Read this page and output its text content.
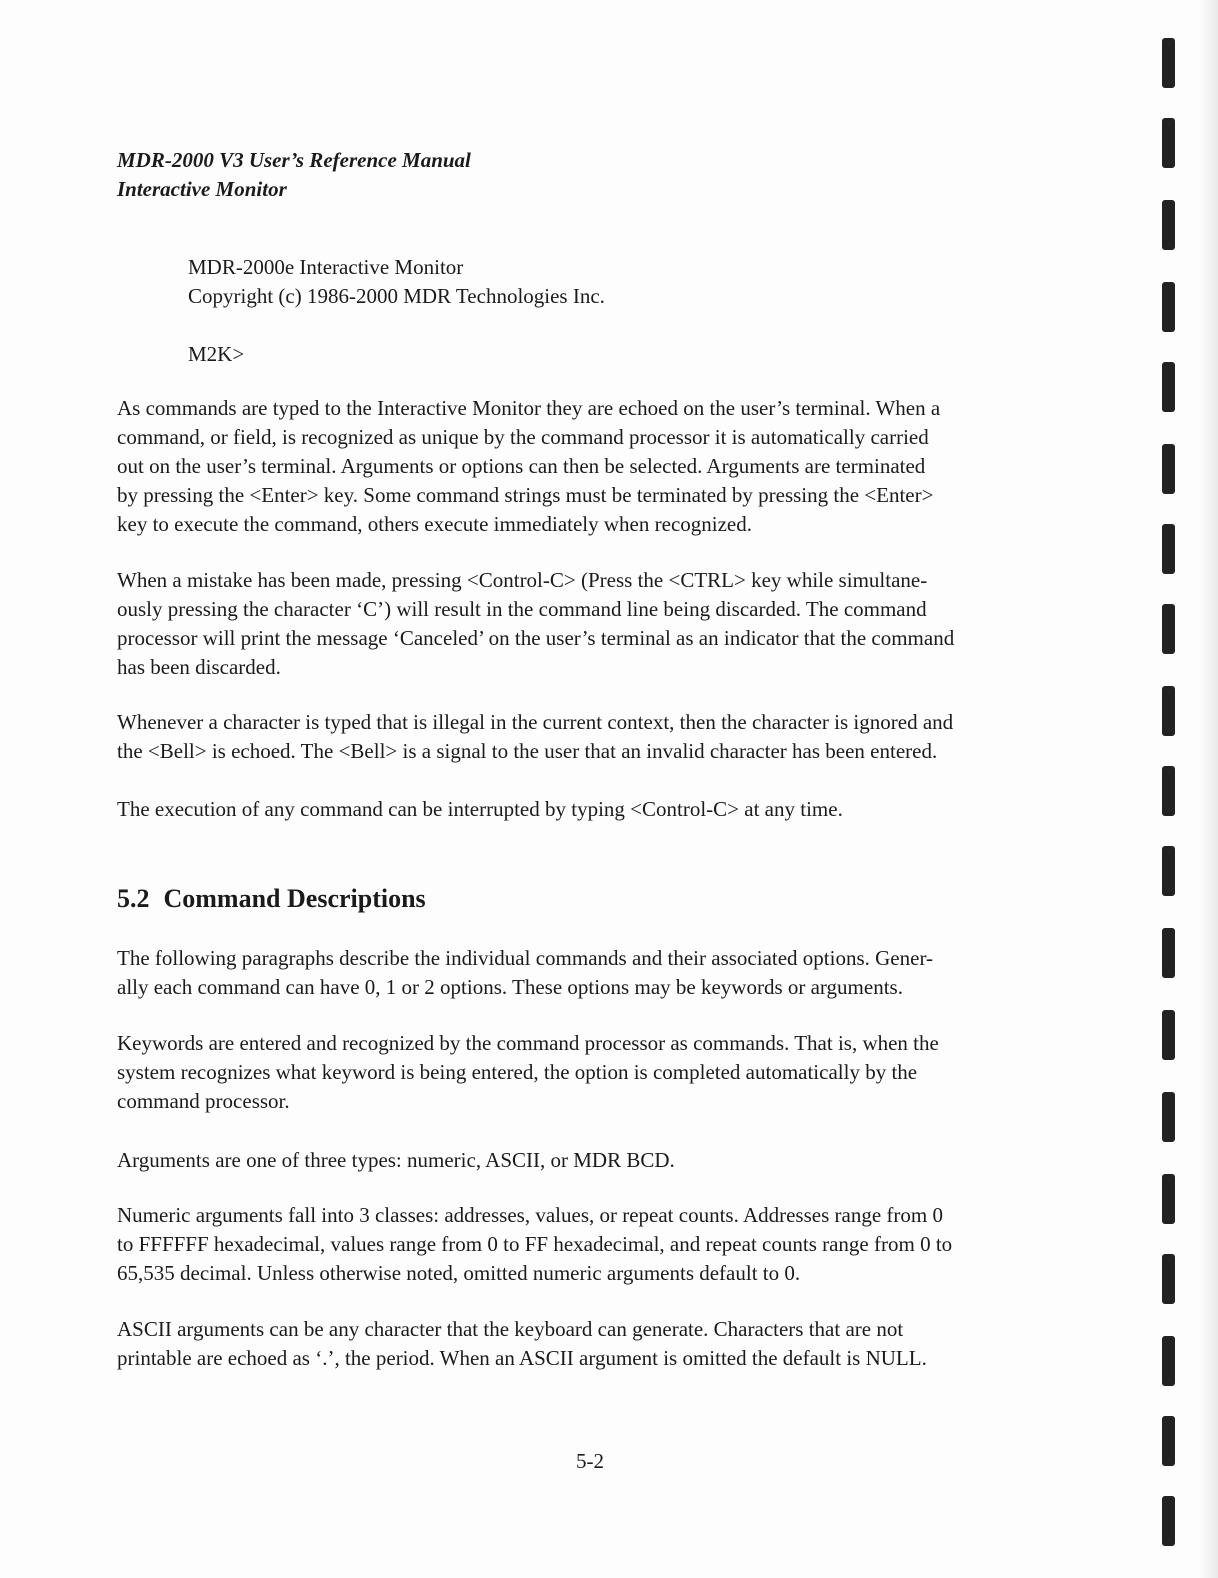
MDR-2000 V3 User’s Reference Manual
Interactive Monitor
MDR-2000e Interactive Monitor
Copyright (c) 1986-2000 MDR Technologies Inc.
M2K>
As commands are typed to the Interactive Monitor they are echoed on the user’s terminal. When a
command, or field, is recognized as unique by the command processor it is automatically carried
out on the user’s terminal. Arguments or options can then be selected. Arguments are terminated
by pressing the <Enter> key. Some command strings must be terminated by pressing the <Enter>
key to execute the command, others execute immediately when recognized.
When a mistake has been made, pressing <Control-C> (Press the <CTRL> key while simultane-
ously pressing the character ‘C’) will result in the command line being discarded. The command
processor will print the message ‘Canceled’ on the user’s terminal as an indicator that the command
has been discarded.
Whenever a character is typed that is illegal in the current context, then the character is ignored and
the <Bell> is echoed. The <Bell> is a signal to the user that an invalid character has been entered.
The execution of any command can be interrupted by typing <Control-C> at any time.
5.2 Command Descriptions
The following paragraphs describe the individual commands and their associated options. Gener-
ally each command can have 0, 1 or 2 options. These options may be keywords or arguments.
Keywords are entered and recognized by the command processor as commands. That is, when the
system recognizes what keyword is being entered, the option is completed automatically by the
command processor.
Arguments are one of three types: numeric, ASCII, or MDR BCD.
Numeric arguments fall into 3 classes: addresses, values, or repeat counts. Addresses range from 0
to FFFFFF hexadecimal, values range from 0 to FF hexadecimal, and repeat counts range from 0 to
65,535 decimal. Unless otherwise noted, omitted numeric arguments default to 0.
ASCII arguments can be any character that the keyboard can generate. Characters that are not
printable are echoed as ‘.’, the period. When an ASCII argument is omitted the default is NULL.
5-2
